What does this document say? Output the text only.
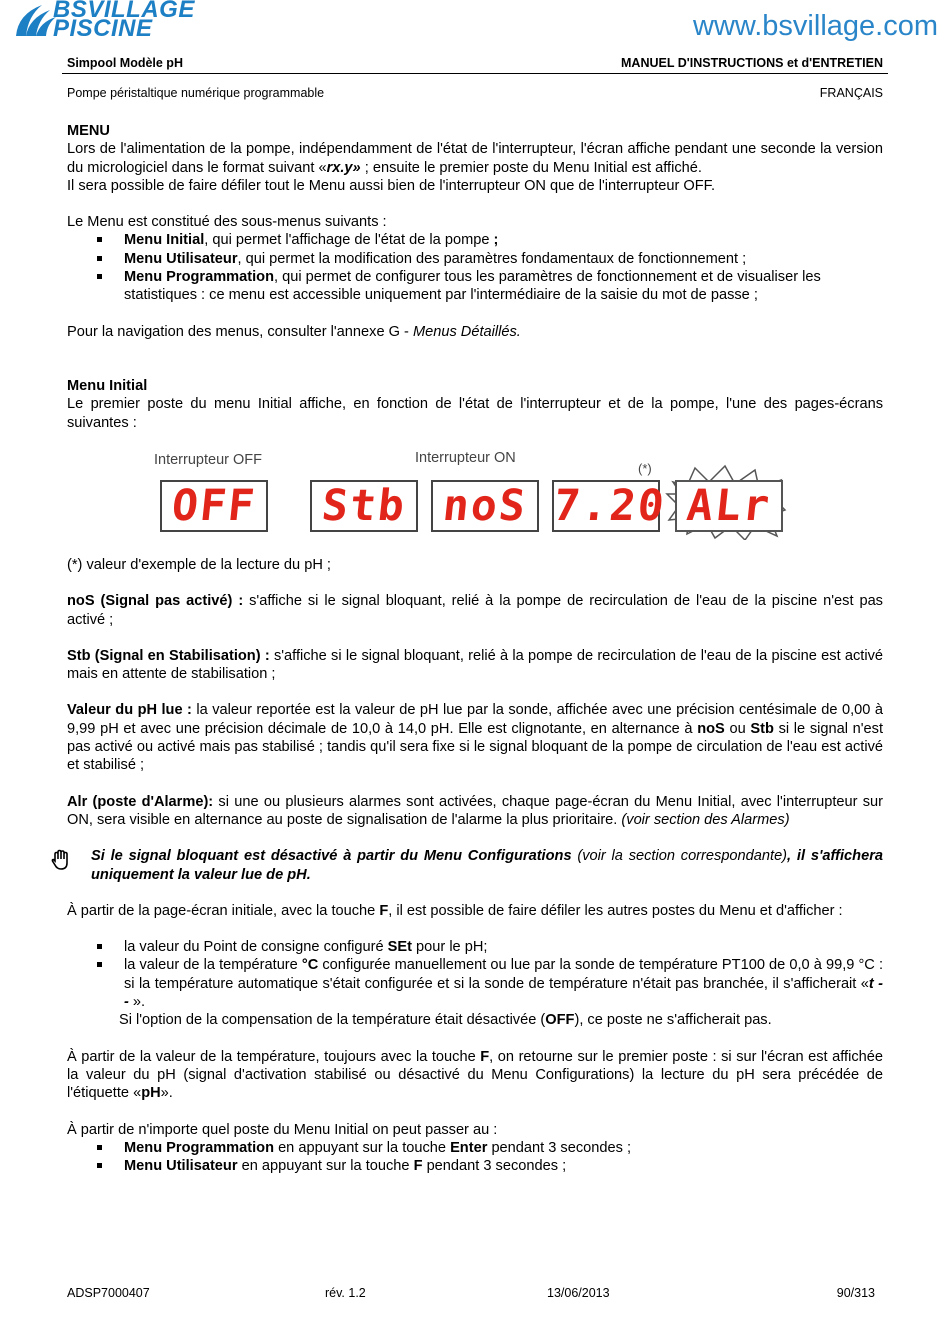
BSVILLAGE
PISCINE	www.bsvillage.com
Simpool Modèle pH	MANUEL D'INSTRUCTIONS et d'ENTRETIEN
Pompe péristaltique numérique programmable	FRANÇAIS

MENU

Lors de l'alimentation de la pompe, indépendamment de l'état de l'interrupteur, l'écran affiche pendant une seconde la version du micrologiciel dans le format suivant «rx.y» ; ensuite le premier poste du Menu Initial est affiché.

Il sera possible de faire défiler tout le Menu aussi bien de l'interrupteur ON que de l'interrupteur OFF.

Le Menu est constitué des sous-menus suivants :

Menu Initial, qui permet l'affichage de l'état de la pompe ;
Menu Utilisateur, qui permet la modification des paramètres fondamentaux de fonctionnement ;
Menu Programmation, qui permet de configurer tous les paramètres de fonctionnement et de visualiser les statistiques : ce menu est accessible uniquement par l'intermédiaire de la saisie du mot de passe ;

Pour la navigation des menus, consulter l'annexe G - Menus Détaillés.

Menu Initial

Le premier poste du menu Initial affiche, en fonction de l'état de l'interrupteur et de la pompe, l'une des pages-écrans suivantes :

Interrupteur OFF	Interrupteur ON
(*)
OFF Stb noS 7.20 ALr

(*) valeur d'exemple de la lecture du pH ;

noS (Signal pas activé) : s'affiche si le signal bloquant, relié à la pompe de recirculation de l'eau de la piscine n'est pas activé ;

Stb (Signal en Stabilisation) : s'affiche si le signal bloquant, relié à la pompe de recirculation de l'eau de la piscine est activé mais en attente de stabilisation ;

Valeur du pH lue : la valeur reportée est la valeur de pH lue par la sonde, affichée avec une précision centésimale de 0,00 à 9,99 pH et avec une précision décimale de 10,0 à 14,0 pH. Elle est clignotante, en alternance à noS ou Stb si le signal n'est pas activé ou activé mais pas stabilisé ; tandis qu'il sera fixe si le signal bloquant de la pompe de circulation de l'eau est activé et stabilisé ;

Alr (poste d'Alarme): si une ou plusieurs alarmes sont activées, chaque page-écran du Menu Initial, avec l'interrupteur sur ON, sera visible en alternance au poste de signalisation de l'alarme la plus prioritaire. (voir section des Alarmes)

Si le signal bloquant est désactivé à partir du Menu Configurations (voir la section correspondante), il s'affichera uniquement la valeur lue de pH.

À partir de la page-écran initiale, avec la touche F, il est possible de faire défiler les autres postes du Menu et d'afficher :

la valeur du Point de consigne configuré SEt pour le pH;
la valeur de la température °C configurée manuellement ou lue par la sonde de température PT100 de 0,0 à 99,9 °C : si la température automatique s'était configurée et si la sonde de température n'était pas branchée, il s'afficherait «t - - ».

Si l'option de la compensation de la température était désactivée (OFF), ce poste ne s'afficherait pas.

À partir de la valeur de la température, toujours avec la touche F, on retourne sur le premier poste : si sur l'écran est affichée la valeur du pH (signal d'activation stabilisé ou désactivé du Menu Configurations) la lecture du pH sera précédée de l'étiquette «pH».

À partir de n'importe quel poste du Menu Initial on peut passer au :

Menu Programmation en appuyant sur la touche Enter pendant 3 secondes ;
Menu Utilisateur en appuyant sur la touche F pendant 3 secondes ;
ADSP7000407	rév. 1.2	13/06/2013	90/313
